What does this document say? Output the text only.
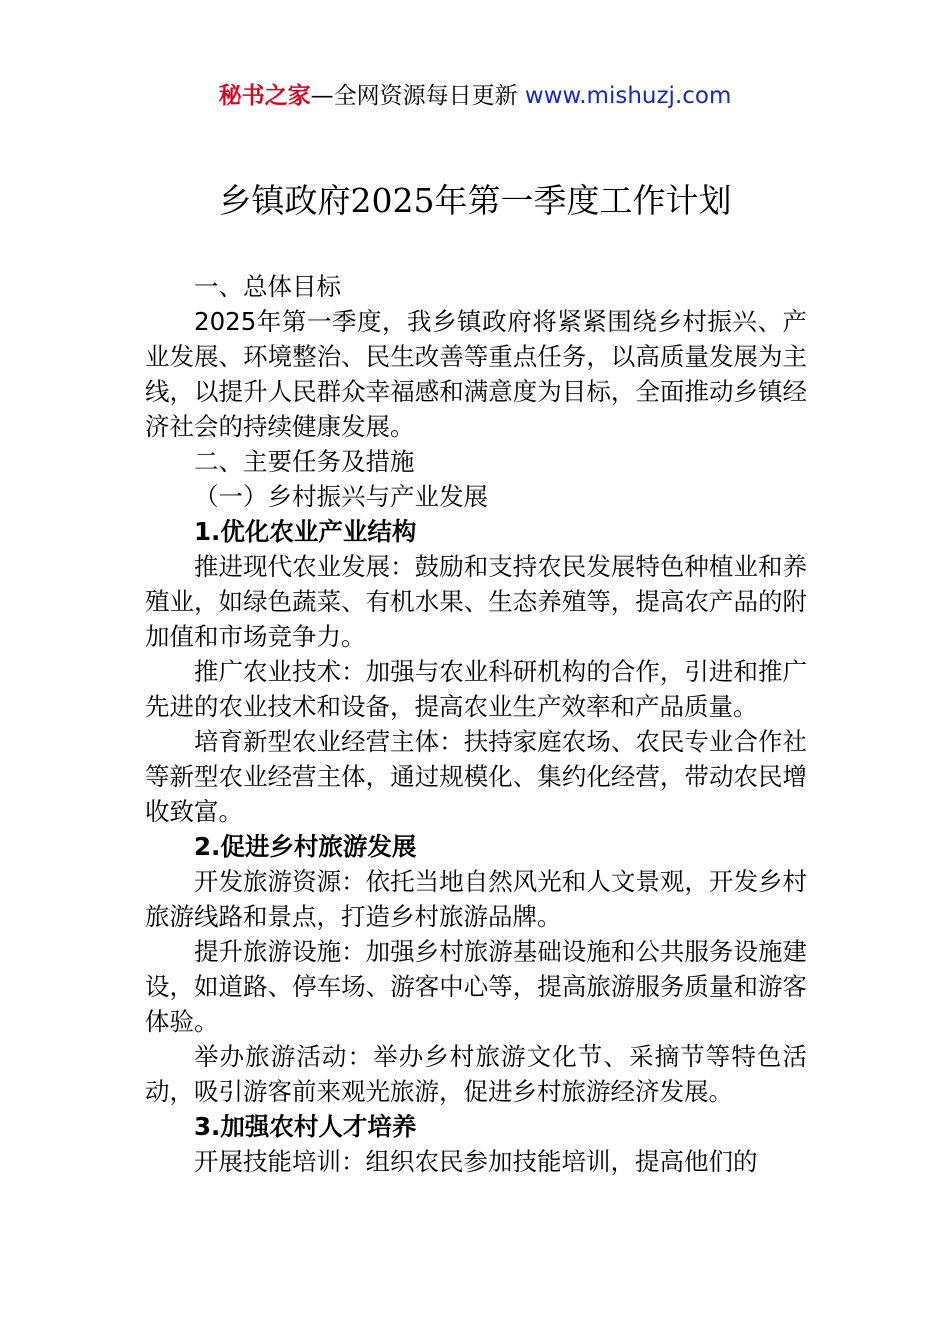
秘书之家—全网资源每日更新 www.mishuzj.com
乡镇政府2025年第一季度工作计划

一、总体目标

2025年第一季度，我乡镇政府将紧紧围绕乡村振兴、产业发展、环境整治、民生改善等重点任务，以高质量发展为主线，以提升人民群众幸福感和满意度为目标，全面推动乡镇经济社会的持续健康发展。

二、主要任务及措施

（一）乡村振兴与产业发展

1.优化农业产业结构

推进现代农业发展：鼓励和支持农民发展特色种植业和养殖业，如绿色蔬菜、有机水果、生态养殖等，提高农产品的附加值和市场竞争力。

推广农业技术：加强与农业科研机构的合作，引进和推广先进的农业技术和设备，提高农业生产效率和产品质量。

培育新型农业经营主体：扶持家庭农场、农民专业合作社等新型农业经营主体，通过规模化、集约化经营，带动农民增收致富。

2.促进乡村旅游发展

开发旅游资源：依托当地自然风光和人文景观，开发乡村旅游线路和景点，打造乡村旅游品牌。

提升旅游设施：加强乡村旅游基础设施和公共服务设施建设，如道路、停车场、游客中心等，提高旅游服务质量和游客体验。

举办旅游活动：举办乡村旅游文化节、采摘节等特色活动，吸引游客前来观光旅游，促进乡村旅游经济发展。

3.加强农村人才培养

开展技能培训：组织农民参加技能培训，提高他们的
